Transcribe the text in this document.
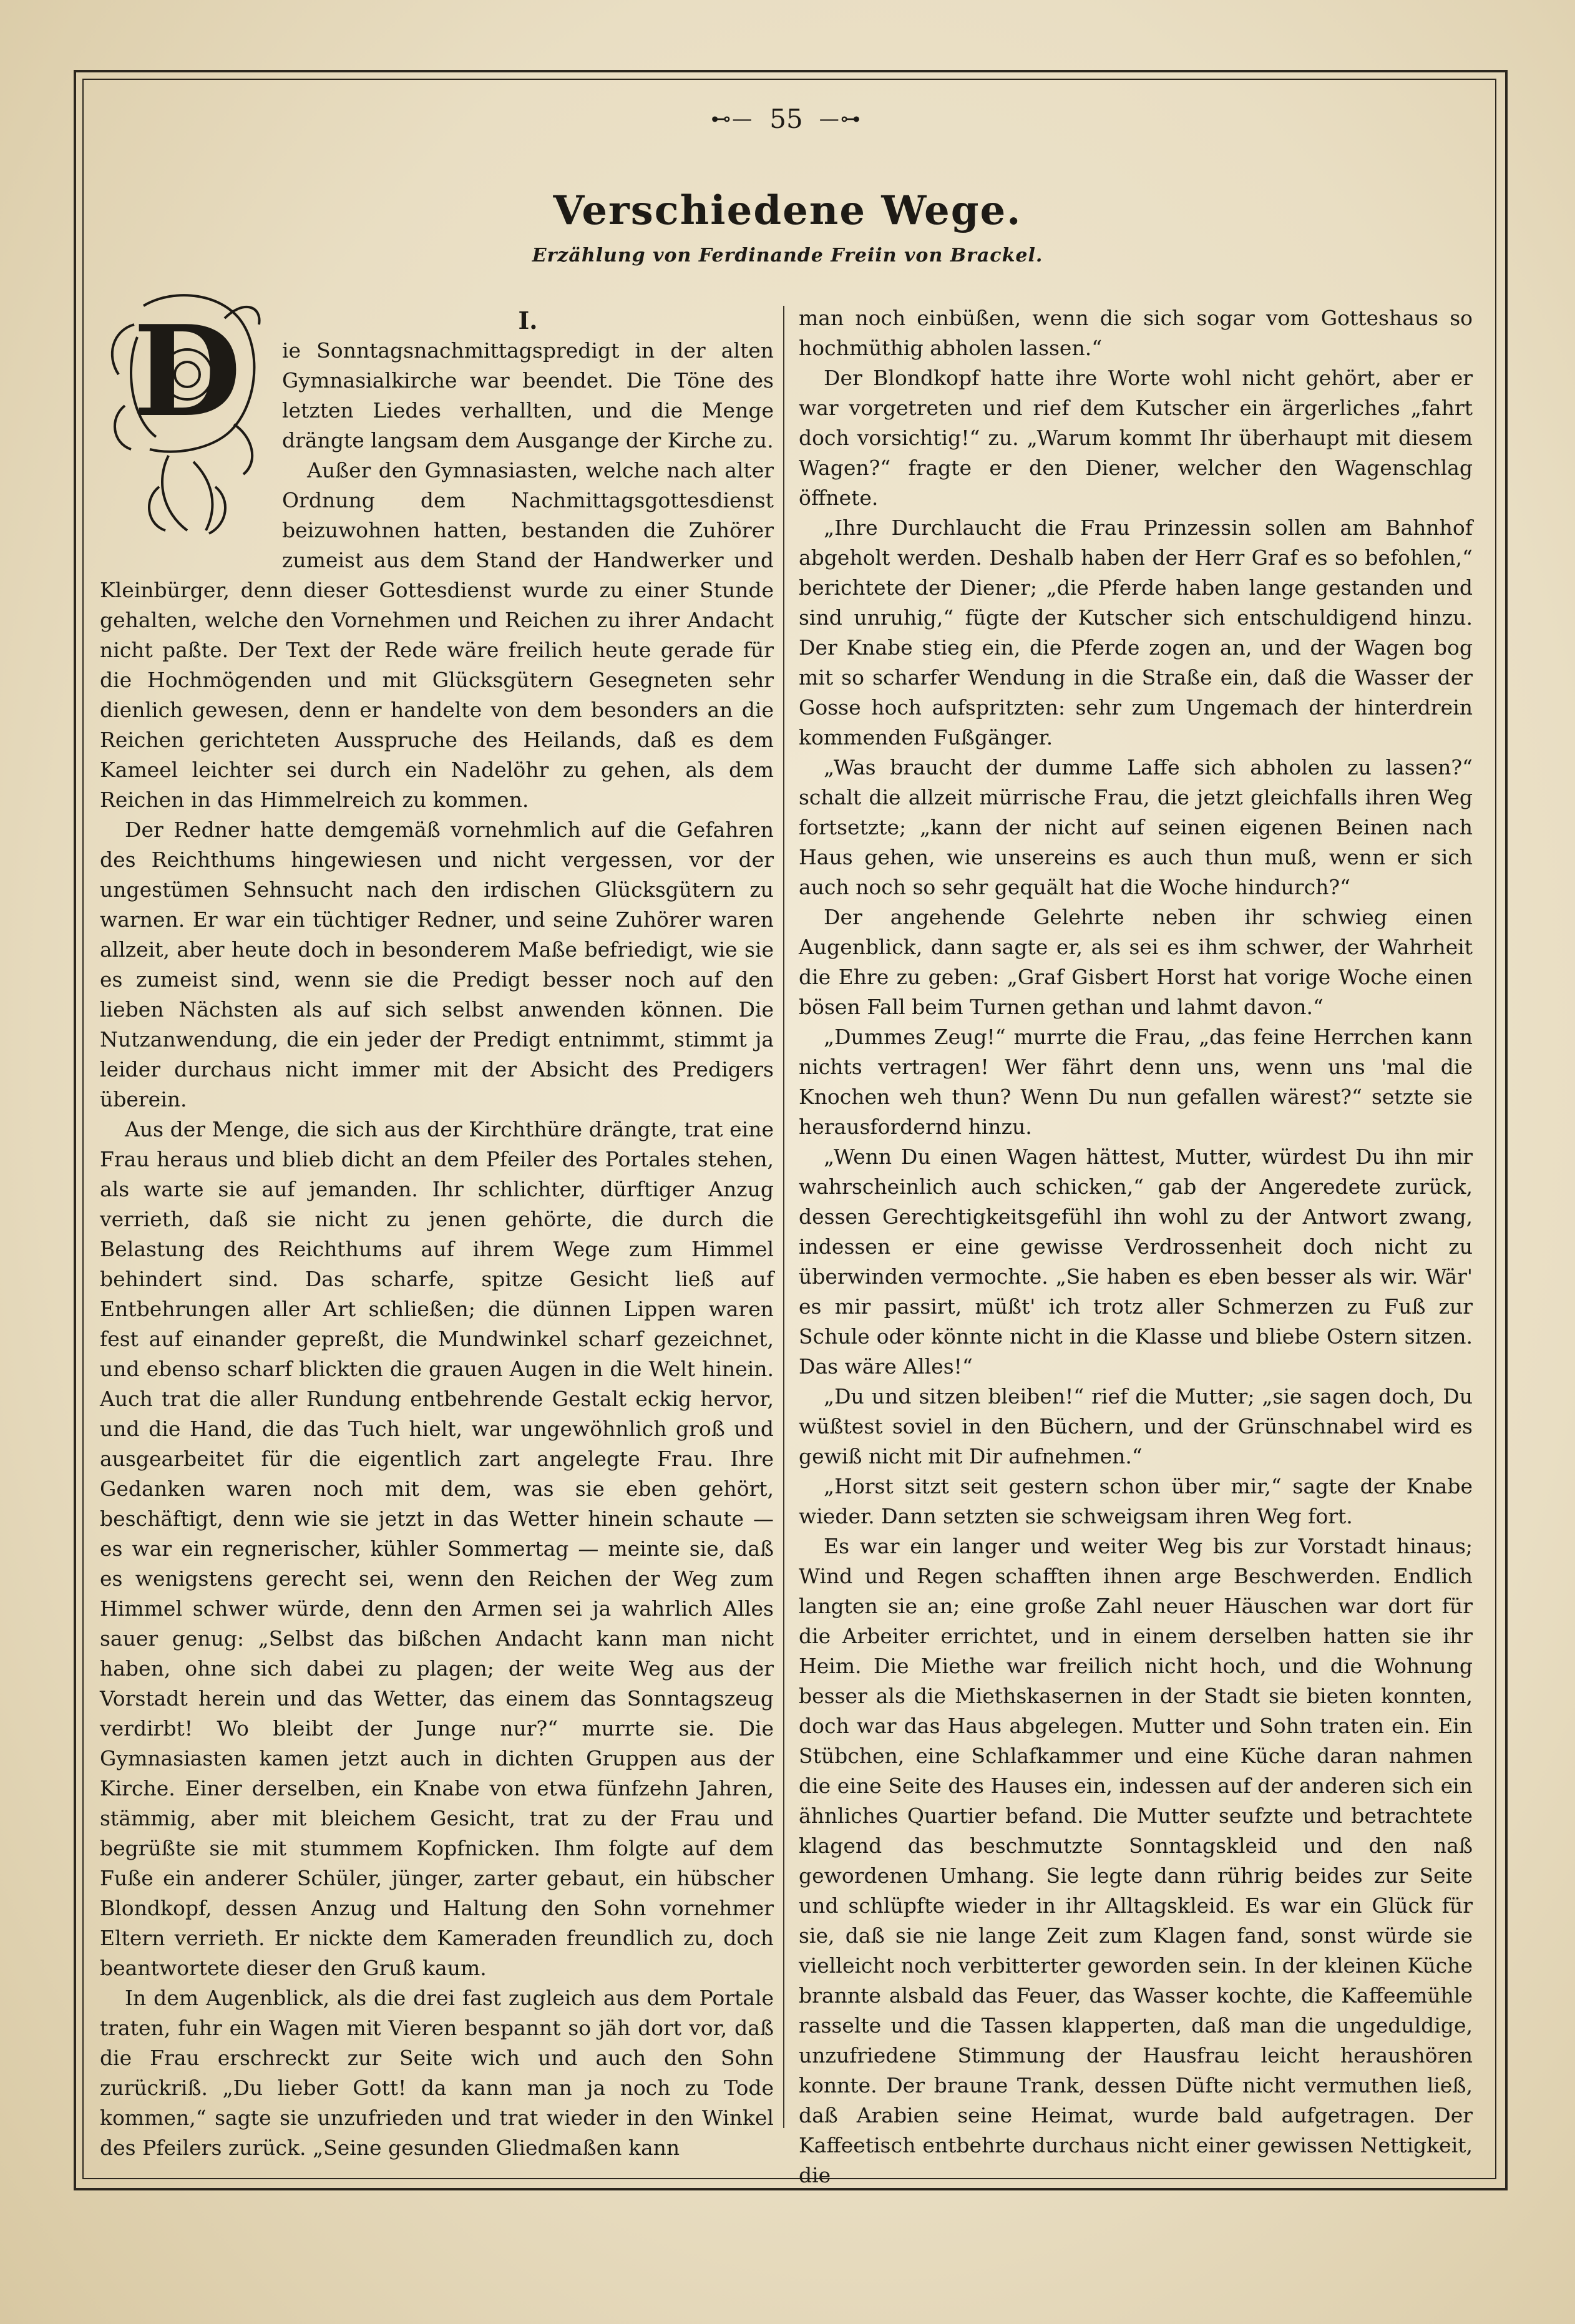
⊷— 55 —⊶
Verschiedene Wege.
Erzählung von Ferdinande Freiin von Brackel.
D	I.

ie Sonntagsnachmittagspredigt in der alten Gymnasialkirche war beendet. Die Töne des letzten Liedes verhallten, und die Menge drängte langsam dem Ausgange der Kirche zu.

Außer den Gymnasiasten, welche nach alter Ordnung dem Nachmittagsgottesdienst beizuwohnen hatten, bestanden die Zuhörer zumeist aus dem Stand der Handwerker und Kleinbürger, denn dieser Gottesdienst wurde zu einer Stunde gehalten, welche den Vornehmen und Reichen zu ihrer Andacht nicht paßte. Der Text der Rede wäre freilich heute gerade für die Hochmögenden und mit Glücksgütern Gesegneten sehr dienlich gewesen, denn er handelte von dem besonders an die Reichen gerichteten Ausspruche des Heilands, daß es dem Kameel leichter sei durch ein Nadelöhr zu gehen, als dem Reichen in das Himmelreich zu kommen.

Der Redner hatte demgemäß vornehmlich auf die Gefahren des Reichthums hingewiesen und nicht vergessen, vor der ungestümen Sehnsucht nach den irdischen Glücksgütern zu warnen. Er war ein tüchtiger Redner, und seine Zuhörer waren allzeit, aber heute doch in besonderem Maße befriedigt, wie sie es zumeist sind, wenn sie die Predigt besser noch auf den lieben Nächsten als auf sich selbst anwenden können. Die Nutzanwendung, die ein jeder der Predigt entnimmt, stimmt ja leider durchaus nicht immer mit der Absicht des Predigers überein.

Aus der Menge, die sich aus der Kirchthüre drängte, trat eine Frau heraus und blieb dicht an dem Pfeiler des Portales stehen, als warte sie auf jemanden. Ihr schlichter, dürftiger Anzug verrieth, daß sie nicht zu jenen gehörte, die durch die Belastung des Reichthums auf ihrem Wege zum Himmel behindert sind. Das scharfe, spitze Gesicht ließ auf Entbehrungen aller Art schließen; die dünnen Lippen waren fest auf einander gepreßt, die Mundwinkel scharf gezeichnet, und ebenso scharf blickten die grauen Augen in die Welt hinein. Auch trat die aller Rundung entbehrende Gestalt eckig hervor, und die Hand, die das Tuch hielt, war ungewöhnlich groß und ausgearbeitet für die eigentlich zart angelegte Frau. Ihre Gedanken waren noch mit dem, was sie eben gehört, beschäftigt, denn wie sie jetzt in das Wetter hinein schaute — es war ein regnerischer, kühler Sommertag — meinte sie, daß es wenigstens gerecht sei, wenn den Reichen der Weg zum Himmel schwer würde, denn den Armen sei ja wahrlich Alles sauer genug: „Selbst das bißchen Andacht kann man nicht haben, ohne sich dabei zu plagen; der weite Weg aus der Vorstadt herein und das Wetter, das einem das Sonntagszeug verdirbt! Wo bleibt der Junge nur?“ murrte sie. Die Gymnasiasten kamen jetzt auch in dichten Gruppen aus der Kirche. Einer derselben, ein Knabe von etwa fünfzehn Jahren, stämmig, aber mit bleichem Gesicht, trat zu der Frau und begrüßte sie mit stummem Kopfnicken. Ihm folgte auf dem Fuße ein anderer Schüler, jünger, zarter gebaut, ein hübscher Blondkopf, dessen Anzug und Haltung den Sohn vornehmer Eltern verrieth. Er nickte dem Kameraden freundlich zu, doch beantwortete dieser den Gruß kaum.

In dem Augenblick, als die drei fast zugleich aus dem Portale traten, fuhr ein Wagen mit Vieren bespannt so jäh dort vor, daß die Frau erschreckt zur Seite wich und auch den Sohn zurückriß. „Du lieber Gott! da kann man ja noch zu Tode kommen,“ sagte sie unzufrieden und trat wieder in den Winkel des Pfeilers zurück. „Seine gesunden Gliedmaßen kann

man noch einbüßen, wenn die sich sogar vom Gotteshaus so hochmüthig abholen lassen.“

Der Blondkopf hatte ihre Worte wohl nicht gehört, aber er war vorgetreten und rief dem Kutscher ein ärgerliches „fahrt doch vorsichtig!“ zu. „Warum kommt Ihr überhaupt mit diesem Wagen?“ fragte er den Diener, welcher den Wagenschlag öffnete.

„Ihre Durchlaucht die Frau Prinzessin sollen am Bahnhof abgeholt werden. Deshalb haben der Herr Graf es so befohlen,“ berichtete der Diener; „die Pferde haben lange gestanden und sind unruhig,“ fügte der Kutscher sich entschuldigend hinzu. Der Knabe stieg ein, die Pferde zogen an, und der Wagen bog mit so scharfer Wendung in die Straße ein, daß die Wasser der Gosse hoch aufspritzten: sehr zum Ungemach der hinterdrein kommenden Fußgänger.

„Was braucht der dumme Laffe sich abholen zu lassen?“ schalt die allzeit mürrische Frau, die jetzt gleichfalls ihren Weg fortsetzte; „kann der nicht auf seinen eigenen Beinen nach Haus gehen, wie unsereins es auch thun muß, wenn er sich auch noch so sehr gequält hat die Woche hindurch?“

Der angehende Gelehrte neben ihr schwieg einen Augenblick, dann sagte er, als sei es ihm schwer, der Wahrheit die Ehre zu geben: „Graf Gisbert Horst hat vorige Woche einen bösen Fall beim Turnen gethan und lahmt davon.“

„Dummes Zeug!“ murrte die Frau, „das feine Herrchen kann nichts vertragen! Wer fährt denn uns, wenn uns 'mal die Knochen weh thun? Wenn Du nun gefallen wärest?“ setzte sie herausfordernd hinzu.

„Wenn Du einen Wagen hättest, Mutter, würdest Du ihn mir wahrscheinlich auch schicken,“ gab der Angeredete zurück, dessen Gerechtigkeitsgefühl ihn wohl zu der Antwort zwang, indessen er eine gewisse Verdrossenheit doch nicht zu überwinden vermochte. „Sie haben es eben besser als wir. Wär' es mir passirt, müßt' ich trotz aller Schmerzen zu Fuß zur Schule oder könnte nicht in die Klasse und bliebe Ostern sitzen. Das wäre Alles!“

„Du und sitzen bleiben!“ rief die Mutter; „sie sagen doch, Du wüßtest soviel in den Büchern, und der Grünschnabel wird es gewiß nicht mit Dir aufnehmen.“

„Horst sitzt seit gestern schon über mir,“ sagte der Knabe wieder. Dann setzten sie schweigsam ihren Weg fort.

Es war ein langer und weiter Weg bis zur Vorstadt hinaus; Wind und Regen schafften ihnen arge Beschwerden. Endlich langten sie an; eine große Zahl neuer Häuschen war dort für die Arbeiter errichtet, und in einem derselben hatten sie ihr Heim. Die Miethe war freilich nicht hoch, und die Wohnung besser als die Miethskasernen in der Stadt sie bieten konnten, doch war das Haus abgelegen. Mutter und Sohn traten ein. Ein Stübchen, eine Schlafkammer und eine Küche daran nahmen die eine Seite des Hauses ein, indessen auf der anderen sich ein ähnliches Quartier befand. Die Mutter seufzte und betrachtete klagend das beschmutzte Sonntagskleid und den naß gewordenen Umhang. Sie legte dann rührig beides zur Seite und schlüpfte wieder in ihr Alltagskleid. Es war ein Glück für sie, daß sie nie lange Zeit zum Klagen fand, sonst würde sie vielleicht noch verbitterter geworden sein. In der kleinen Küche brannte alsbald das Feuer, das Wasser kochte, die Kaffeemühle rasselte und die Tassen klapperten, daß man die ungeduldige, unzufriedene Stimmung der Hausfrau leicht heraushören konnte. Der braune Trank, dessen Düfte nicht vermuthen ließ, daß Arabien seine Heimat, wurde bald aufgetragen. Der Kaffeetisch entbehrte durchaus nicht einer gewissen Nettigkeit, die
